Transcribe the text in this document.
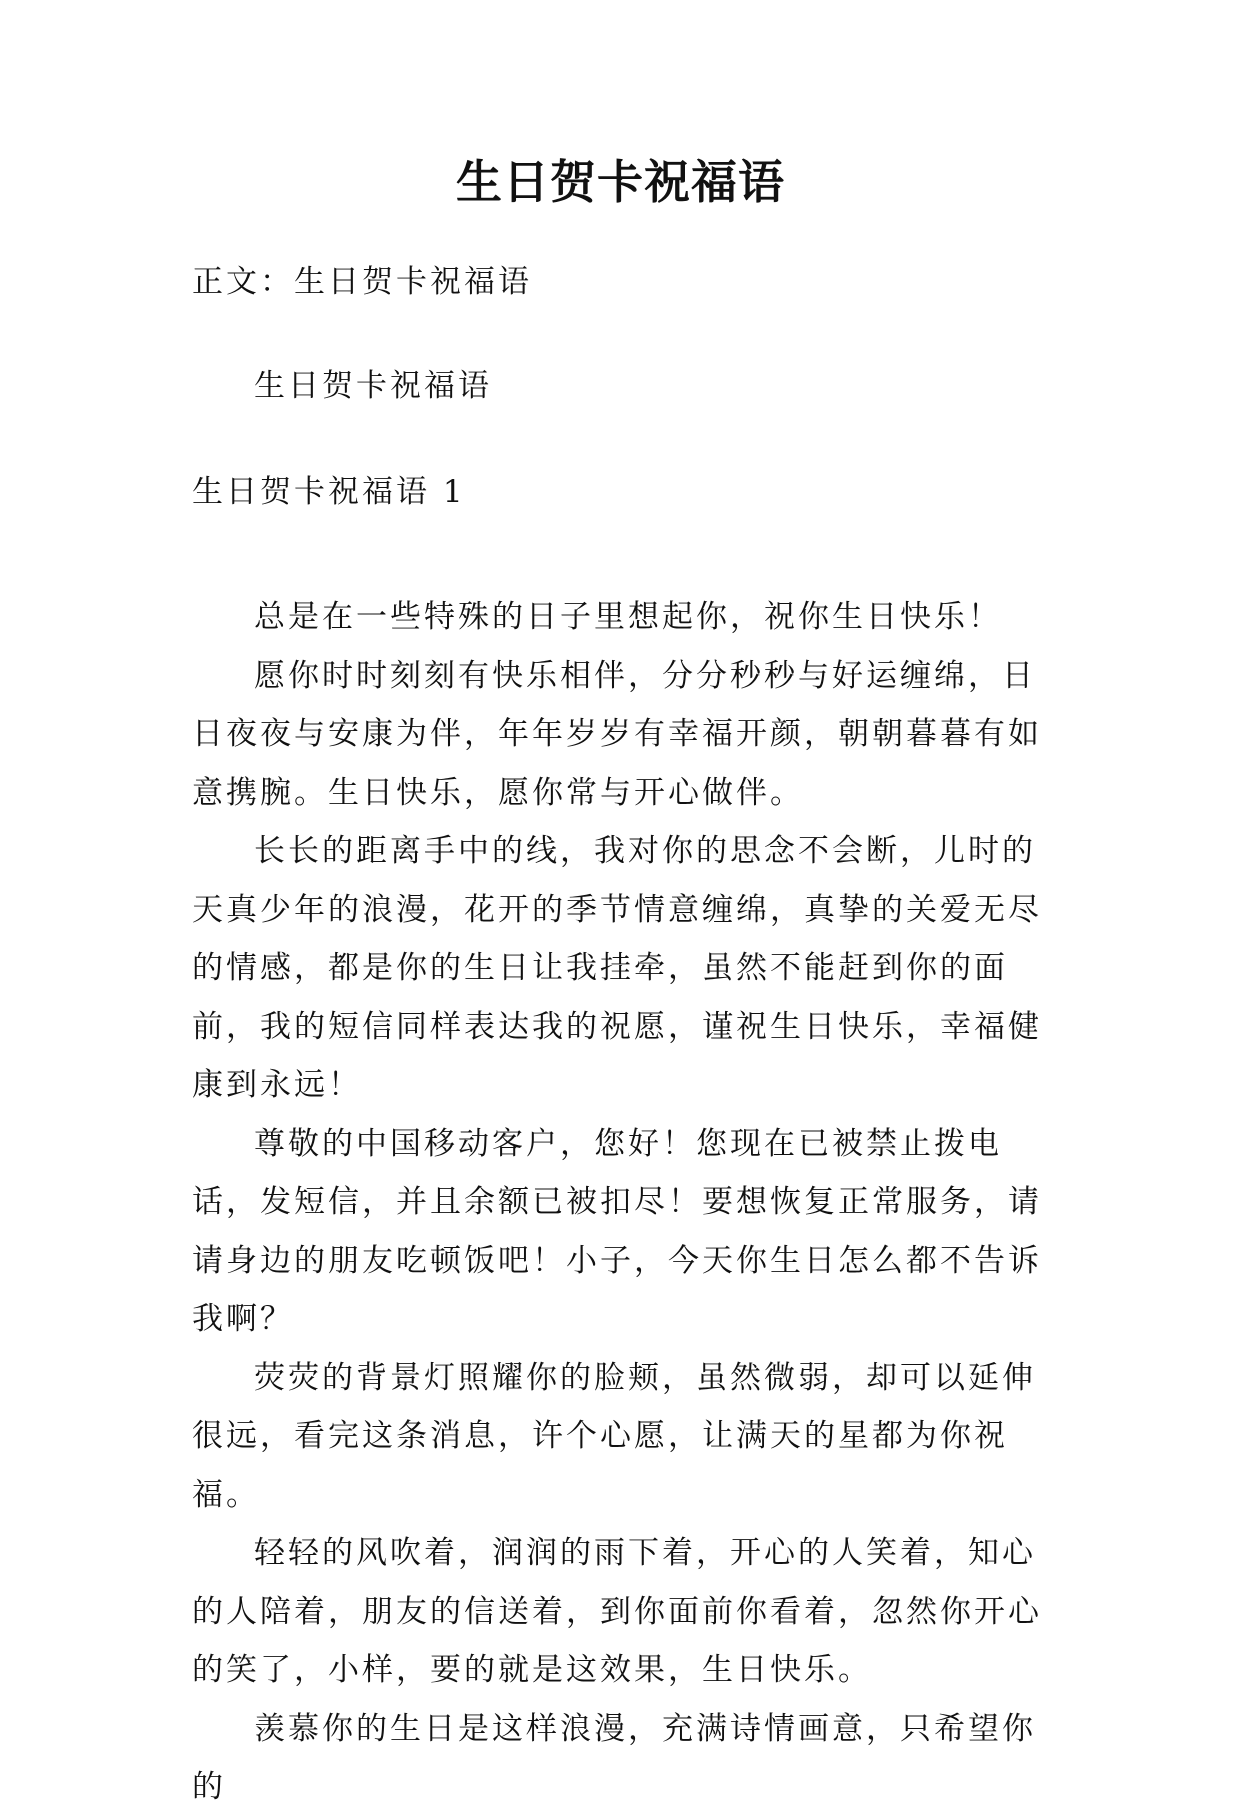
生日贺卡祝福语

正文：生日贺卡祝福语

生日贺卡祝福语

生日贺卡祝福语 1

总是在一些特殊的日子里想起你，祝你生日快乐！

愿你时时刻刻有快乐相伴，分分秒秒与好运缠绵，日日夜夜与安康为伴，年年岁岁有幸福开颜，朝朝暮暮有如意携腕。生日快乐，愿你常与开心做伴。

长长的距离手中的线，我对你的思念不会断，儿时的天真少年的浪漫，花开的季节情意缠绵，真挚的关爱无尽的情感，都是你的生日让我挂牵，虽然不能赶到你的面前，我的短信同样表达我的祝愿，谨祝生日快乐，幸福健康到永远！

尊敬的中国移动客户，您好！您现在已被禁止拨电话，发短信，并且余额已被扣尽！要想恢复正常服务，请请身边的朋友吃顿饭吧！小子，今天你生日怎么都不告诉我啊？

荧荧的背景灯照耀你的脸颊，虽然微弱，却可以延伸很远，看完这条消息，许个心愿，让满天的星都为你祝福。

轻轻的风吹着，润润的雨下着，开心的人笑着，知心的人陪着，朋友的信送着，到你面前你看着，忽然你开心的笑了，小样，要的就是这效果，生日快乐。

羡慕你的生日是这样浪漫，充满诗情画意，只希望你的
